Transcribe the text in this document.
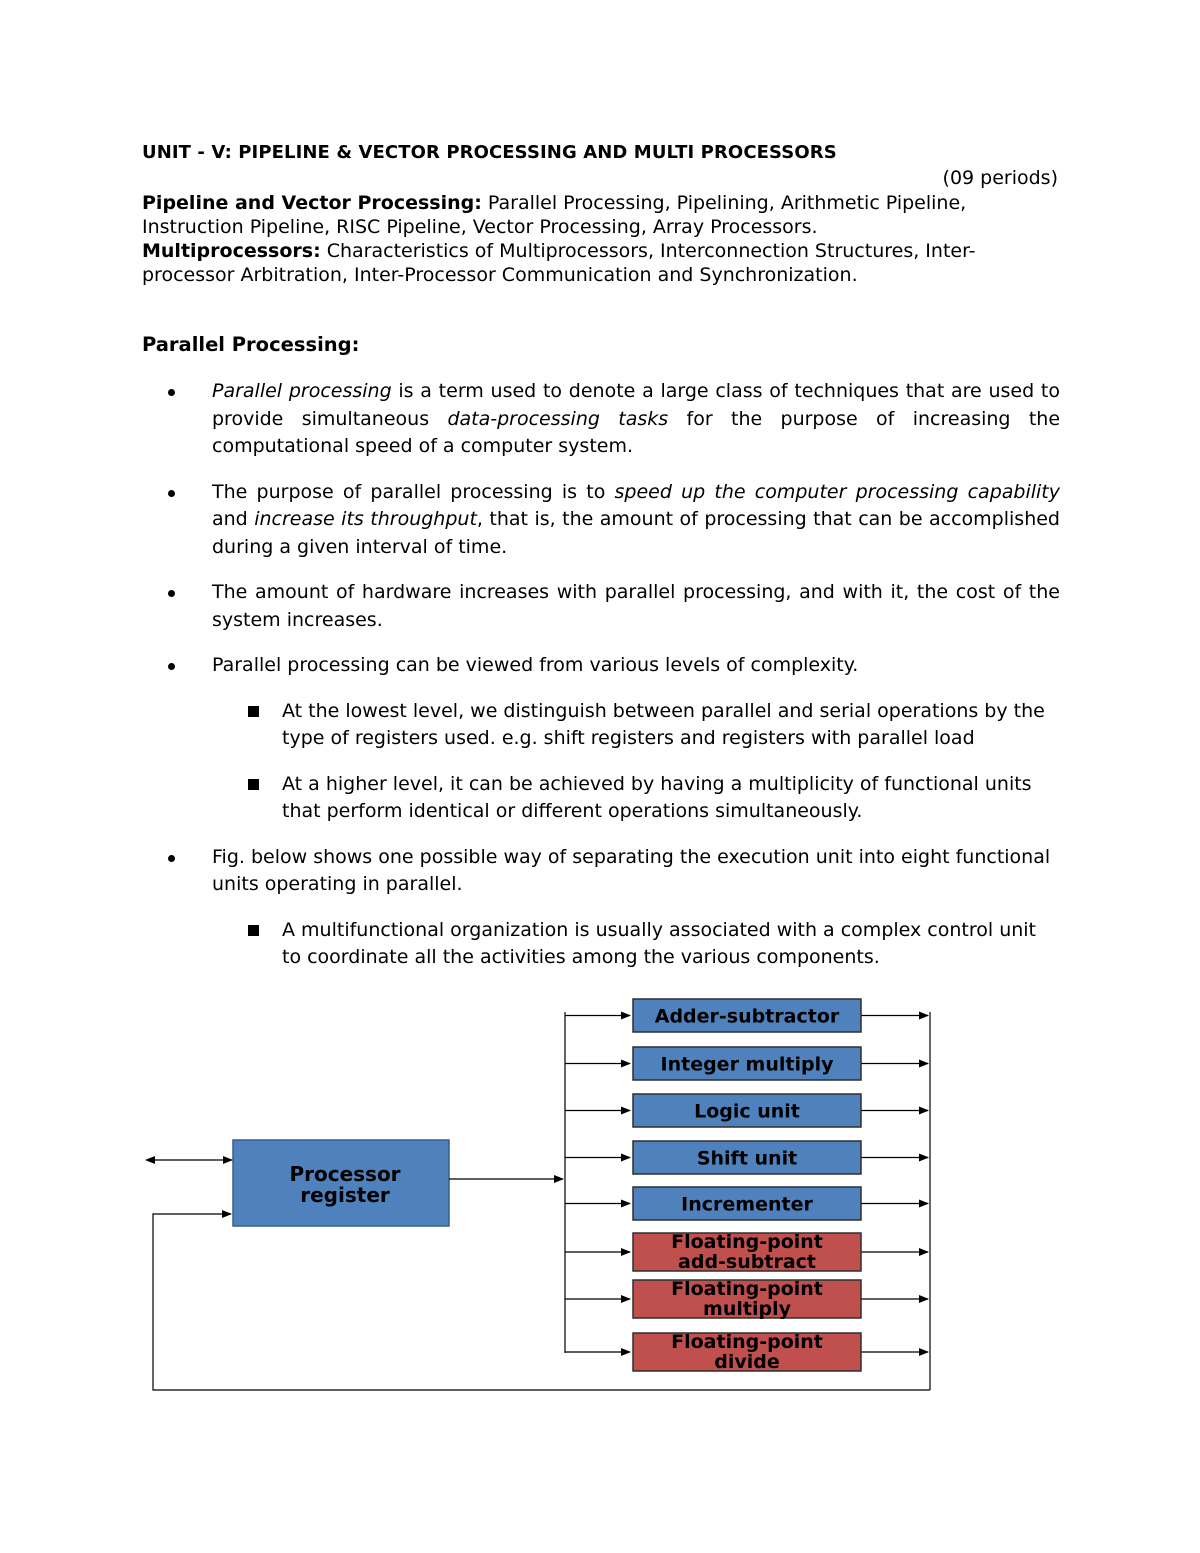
UNIT - V: PIPELINE & VECTOR PROCESSING AND MULTI PROCESSORS
(09 periods)
Pipeline and Vector Processing: Parallel Processing, Pipelining, Arithmetic Pipeline, Instruction Pipeline, RISC Pipeline, Vector Processing, Array Processors.
Multiprocessors: Characteristics of Multiprocessors, Interconnection Structures, Inter-processor Arbitration, Inter-Processor Communication and Synchronization.
Parallel Processing:
Parallel processing is a term used to denote a large class of techniques that are used to provide simultaneous data-processing tasks for the purpose of increasing the computational speed of a computer system.
The purpose of parallel processing is to speed up the computer processing capability and increase its throughput, that is, the amount of processing that can be accomplished during a given interval of time.
The amount of hardware increases with parallel processing, and with it, the cost of the system increases.
Parallel processing can be viewed from various levels of complexity.
At the lowest level, we distinguish between parallel and serial operations by the type of registers used. e.g. shift registers and registers with parallel load
At a higher level, it can be achieved by having a multiplicity of functional units that perform identical or different operations simultaneously.
Fig. below shows one possible way of separating the execution unit into eight functional units operating in parallel.
A multifunctional organization is usually associated with a complex control unit to coordinate all the activities among the various components.
Processor
register
Adder-subtractor
Integer multiply
Logic unit
Shift unit
Incrementer
Floating-point
add-subtract
Floating-point
multiply
Floating-point
divide
